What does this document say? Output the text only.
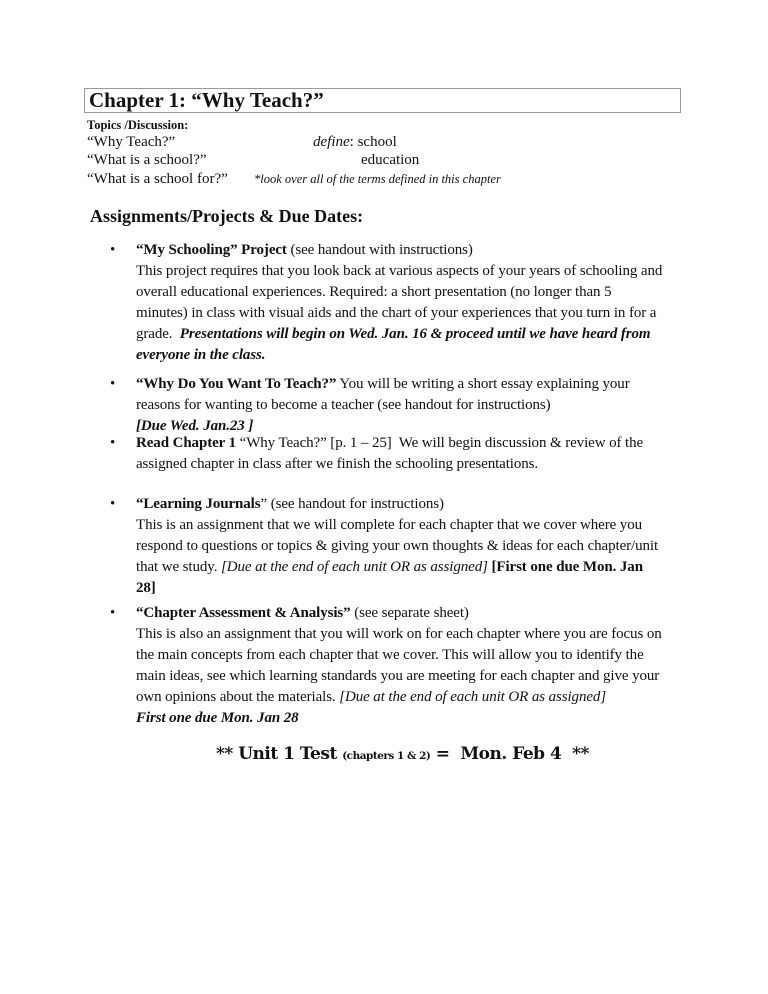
Chapter 1: “Why Teach?”
Topics /Discussion:
“Why Teach?”
“What is a school?”
“What is a school for?”
define: school
education
*look over all of the terms defined in this chapter
Assignments/Projects & Due Dates:
• “My Schooling” Project (see handout with instructions)
This project requires that you look back at various aspects of your years of schooling and
overall educational experiences. Required: a short presentation (no longer than 5
minutes) in class with visual aids and the chart of your experiences that you turn in for a
grade.  Presentations will begin on Wed. Jan. 16 & proceed until we have heard from
everyone in the class.
• “Why Do You Want To Teach?” You will be writing a short essay explaining your
reasons for wanting to become a teacher (see handout for instructions)
[Due Wed. Jan.23 ]
• Read Chapter 1 “Why Teach?” [p. 1 – 25]  We will begin discussion & review of the
assigned chapter in class after we finish the schooling presentations.
• “Learning Journals” (see handout for instructions)
This is an assignment that we will complete for each chapter that we cover where you
respond to questions or topics & giving your own thoughts & ideas for each chapter/unit
that we study. [Due at the end of each unit OR as assigned] [First one due Mon. Jan
28]
• “Chapter Assessment & Analysis” (see separate sheet)
This is also an assignment that you will work on for each chapter where you are focus on
the main concepts from each chapter that we cover. This will allow you to identify the
main ideas, see which learning standards you are meeting for each chapter and give your
own opinions about the materials. [Due at the end of each unit OR as assigned]
First one due Mon. Jan 28
** Unit 1 Test (chapters 1 & 2) =  Mon. Feb 4  **
